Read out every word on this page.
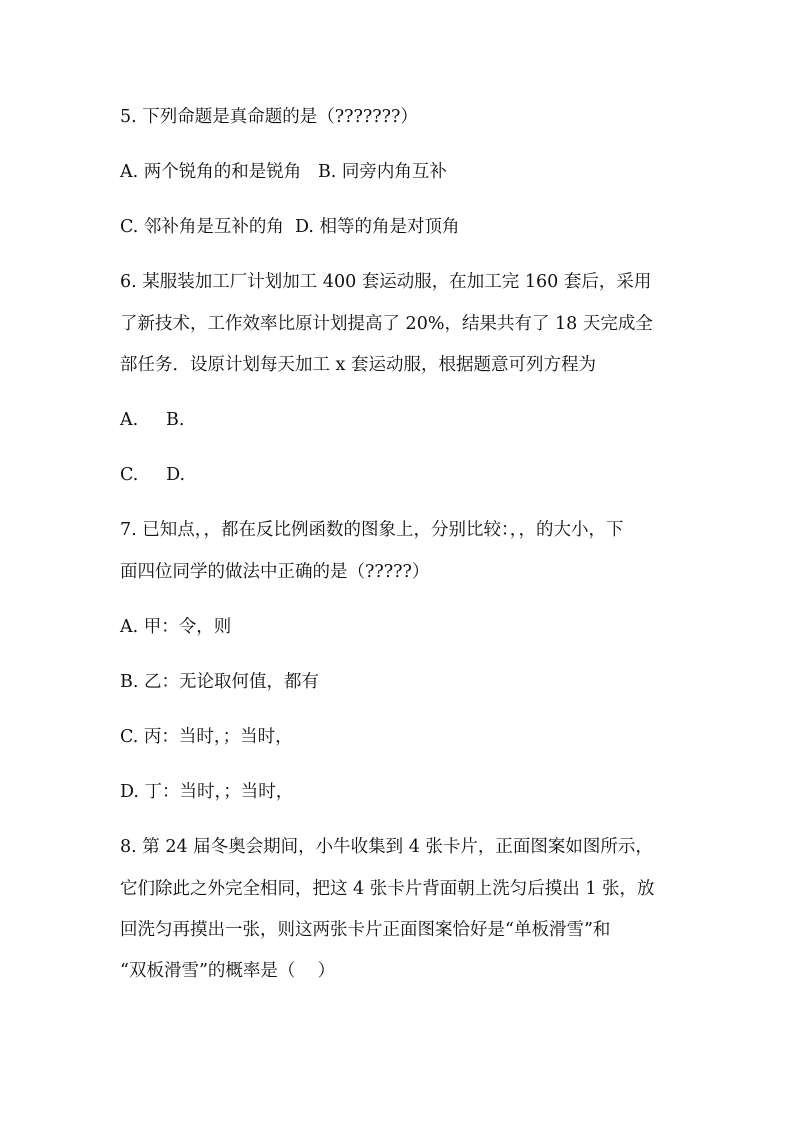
5. 下列命题是真命题的是（???????）
A. 两个锐角的和是锐角   B. 同旁内角互补
C. 邻补角是互补的角  D. 相等的角是对顶角
6. 某服装加工厂计划加工 400 套运动服，在加工完 160 套后，采用
了新技术，工作效率比原计划提高了 20%，结果共有了 18 天完成全
部任务．设原计划每天加工 x 套运动服，根据题意可列方程为
A.     B.
C.     D.
7. 已知点，，都在反比例函数的图象上，分别比较：，，的大小，下
面四位同学的做法中正确的是（?????）
A. 甲：令，则
B. 乙：无论取何值，都有
C. 丙：当时，；当时，
D. 丁：当时，；当时，
8. 第 24 届冬奥会期间，小牛收集到 4 张卡片，正面图案如图所示，
它们除此之外完全相同，把这 4 张卡片背面朝上洗匀后摸出 1 张，放
回洗匀再摸出一张，则这两张卡片正面图案恰好是“单板滑雪”和
“双板滑雪”的概率是（    ）
